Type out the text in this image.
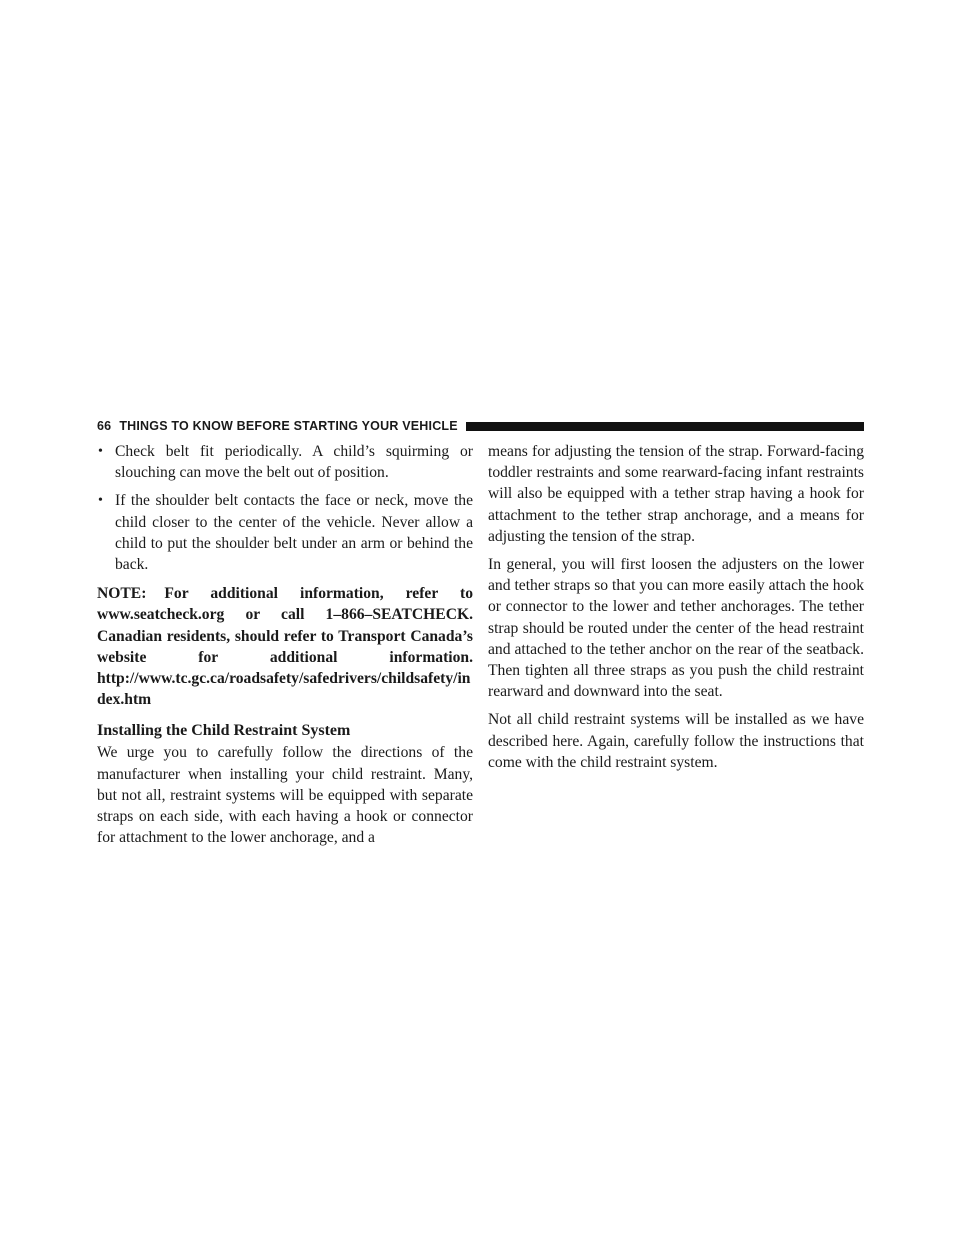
66 THINGS TO KNOW BEFORE STARTING YOUR VEHICLE
• Check belt fit periodically. A child’s squirming or slouching can move the belt out of position.
• If the shoulder belt contacts the face or neck, move the child closer to the center of the vehicle. Never allow a child to put the shoulder belt under an arm or behind the back.

NOTE: For additional information, refer to www.seatcheck.org or call 1–866–SEATCHECK. Canadian residents, should refer to Transport Canada’s website for additional information. http://www.tc.gc.ca/roadsafety/safedrivers/childsafety/index.htm

Installing the Child Restraint System

We urge you to carefully follow the directions of the manufacturer when installing your child restraint. Many, but not all, restraint systems will be equipped with separate straps on each side, with each having a hook or connector for attachment to the lower anchorage, and a

means for adjusting the tension of the strap. Forward-facing toddler restraints and some rearward-facing infant restraints will also be equipped with a tether strap having a hook for attachment to the tether strap anchorage, and a means for adjusting the tension of the strap.

In general, you will first loosen the adjusters on the lower and tether straps so that you can more easily attach the hook or connector to the lower and tether anchorages. The tether strap should be routed under the center of the head restraint and attached to the tether anchor on the rear of the seatback. Then tighten all three straps as you push the child restraint rearward and downward into the seat.

Not all child restraint systems will be installed as we have described here. Again, carefully follow the instructions that come with the child restraint system.
